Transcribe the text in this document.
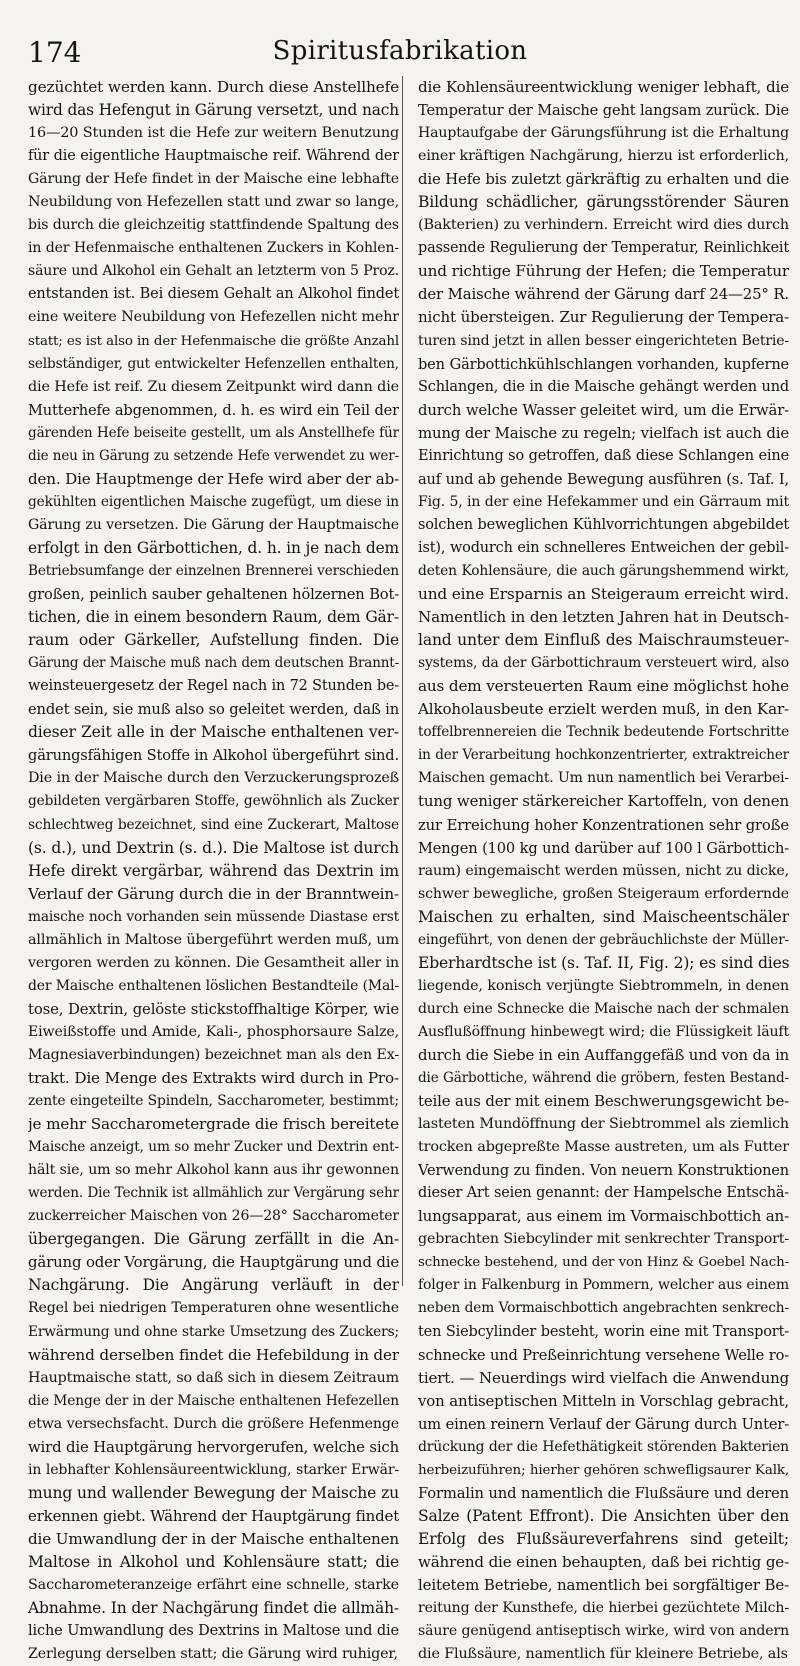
174	Spiritusfabrikation
gezüchtet werden kann. Durch diese Anstellhefe
wird das Hefengut in Gärung versetzt, und nach
16—20 Stunden ist die Hefe zur weitern Benutzung
für die eigentliche Hauptmaische reif. Während der
Gärung der Hefe findet in der Maische eine lebhafte
Neubildung von Hefezellen statt und zwar so lange,
bis durch die gleichzeitig stattfindende Spaltung des
in der Hefenmaische enthaltenen Zuckers in Kohlen-
säure und Alkohol ein Gehalt an letzterm von 5 Proz.
entstanden ist. Bei diesem Gehalt an Alkohol findet
eine weitere Neubildung von Hefezellen nicht mehr
statt; es ist also in der Hefenmaische die größte Anzahl
selbständiger, gut entwickelter Hefenzellen enthalten,
die Hefe ist reif. Zu diesem Zeitpunkt wird dann die
Mutterhefe abgenommen, d. h. es wird ein Teil der
gärenden Hefe beiseite gestellt, um als Anstellhefe für
die neu in Gärung zu setzende Hefe verwendet zu wer-
den. Die Hauptmenge der Hefe wird aber der ab-
gekühlten eigentlichen Maische zugefügt, um diese in
Gärung zu versetzen. Die Gärung der Hauptmaische
erfolgt in den Gärbottichen, d. h. in je nach dem
Betriebsumfange der einzelnen Brennerei verschieden
großen, peinlich sauber gehaltenen hölzernen Bot-
tichen, die in einem besondern Raum, dem Gär-
raum oder Gärkeller, Aufstellung finden. Die
Gärung der Maische muß nach dem deutschen Brannt-
weinsteuergesetz der Regel nach in 72 Stunden be-
endet sein, sie muß also so geleitet werden, daß in
dieser Zeit alle in der Maische enthaltenen ver-
gärungsfähigen Stoffe in Alkohol übergeführt sind.
Die in der Maische durch den Verzuckerungsprozeß
gebildeten vergärbaren Stoffe, gewöhnlich als Zucker
schlechtweg bezeichnet, sind eine Zuckerart, Maltose
(s. d.), und Dextrin (s. d.). Die Maltose ist durch
Hefe direkt vergärbar, während das Dextrin im
Verlauf der Gärung durch die in der Branntwein-
maische noch vorhanden sein müssende Diastase erst
allmählich in Maltose übergeführt werden muß, um
vergoren werden zu können. Die Gesamtheit aller in
der Maische enthaltenen löslichen Bestandteile (Mal-
tose, Dextrin, gelöste stickstoffhaltige Körper, wie
Eiweißstoffe und Amide, Kali-, phosphorsaure Salze,
Magnesiaverbindungen) bezeichnet man als den Ex-
trakt. Die Menge des Extrakts wird durch in Pro-
zente eingeteilte Spindeln, Saccharometer, bestimmt;
je mehr Saccharometergrade die frisch bereitete
Maische anzeigt, um so mehr Zucker und Dextrin ent-
hält sie, um so mehr Alkohol kann aus ihr gewonnen
werden. Die Technik ist allmählich zur Vergärung sehr
zuckerreicher Maischen von 26—28° Saccharometer
übergegangen. Die Gärung zerfällt in die An-
gärung oder Vorgärung, die Hauptgärung und die
Nachgärung. Die Angärung verläuft in der
Regel bei niedrigen Temperaturen ohne wesentliche
Erwärmung und ohne starke Umsetzung des Zuckers;
während derselben findet die Hefebildung in der
Hauptmaische statt, so daß sich in diesem Zeitraum
die Menge der in der Maische enthaltenen Hefezellen
etwa versechsfacht. Durch die größere Hefenmenge
wird die Hauptgärung hervorgerufen, welche sich
in lebhafter Kohlensäureentwicklung, starker Erwär-
mung und wallender Bewegung der Maische zu
erkennen giebt. Während der Hauptgärung findet
die Umwandlung der in der Maische enthaltenen
Maltose in Alkohol und Kohlensäure statt; die
Saccharometeranzeige erfährt eine schnelle, starke
Abnahme. In der Nachgärung findet die allmäh-
liche Umwandlung des Dextrins in Maltose und die
Zerlegung derselben statt; die Gärung wird ruhiger,
die Kohlensäureentwicklung weniger lebhaft, die
Temperatur der Maische geht langsam zurück. Die
Hauptaufgabe der Gärungsführung ist die Erhaltung
einer kräftigen Nachgärung, hierzu ist erforderlich,
die Hefe bis zuletzt gärkräftig zu erhalten und die
Bildung schädlicher, gärungsstörender Säuren
(Bakterien) zu verhindern. Erreicht wird dies durch
passende Regulierung der Temperatur, Reinlichkeit
und richtige Führung der Hefen; die Temperatur
der Maische während der Gärung darf 24—25° R.
nicht übersteigen. Zur Regulierung der Tempera-
turen sind jetzt in allen besser eingerichteten Betrie-
ben Gärbottichkühlschlangen vorhanden, kupferne
Schlangen, die in die Maische gehängt werden und
durch welche Wasser geleitet wird, um die Erwär-
mung der Maische zu regeln; vielfach ist auch die
Einrichtung so getroffen, daß diese Schlangen eine
auf und ab gehende Bewegung ausführen (s. Taf. I,
Fig. 5, in der eine Hefekammer und ein Gärraum mit
solchen beweglichen Kühlvorrichtungen abgebildet
ist), wodurch ein schnelleres Entweichen der gebil-
deten Kohlensäure, die auch gärungshemmend wirkt,
und eine Ersparnis an Steigeraum erreicht wird.
Namentlich in den letzten Jahren hat in Deutsch-
land unter dem Einfluß des Maischraumsteuer-
systems, da der Gärbottichraum versteuert wird, also
aus dem versteuerten Raum eine möglichst hohe
Alkoholausbeute erzielt werden muß, in den Kar-
toffelbrennereien die Technik bedeutende Fortschritte
in der Verarbeitung hochkonzentrierter, extraktreicher
Maischen gemacht. Um nun namentlich bei Verarbei-
tung weniger stärkereicher Kartoffeln, von denen
zur Erreichung hoher Konzentrationen sehr große
Mengen (100 kg und darüber auf 100 l Gärbottich-
raum) eingemaischt werden müssen, nicht zu dicke,
schwer bewegliche, großen Steigeraum erfordernde
Maischen zu erhalten, sind Maischeentschäler
eingeführt, von denen der gebräuchlichste der Müller-
Eberhardtsche ist (s. Taf. II, Fig. 2); es sind dies
liegende, konisch verjüngte Siebtrommeln, in denen
durch eine Schnecke die Maische nach der schmalen
Ausflußöffnung hinbewegt wird; die Flüssigkeit läuft
durch die Siebe in ein Auffanggefäß und von da in
die Gärbottiche, während die gröbern, festen Bestand-
teile aus der mit einem Beschwerungsgewicht be-
lasteten Mundöffnung der Siebtrommel als ziemlich
trocken abgepreßte Masse austreten, um als Futter
Verwendung zu finden. Von neuern Konstruktionen
dieser Art seien genannt: der Hampelsche Entschä-
lungsapparat, aus einem im Vormaischbottich an-
gebrachten Siebcylinder mit senkrechter Transport-
schnecke bestehend, und der von Hinz & Goebel Nach-
folger in Falkenburg in Pommern, welcher aus einem
neben dem Vormaischbottich angebrachten senkrech-
ten Siebcylinder besteht, worin eine mit Transport-
schnecke und Preßeinrichtung versehene Welle ro-
tiert. — Neuerdings wird vielfach die Anwendung
von antiseptischen Mitteln in Vorschlag gebracht,
um einen reinern Verlauf der Gärung durch Unter-
drückung der die Hefethätigkeit störenden Bakterien
herbeizuführen; hierher gehören schwefligsaurer Kalk,
Formalin und namentlich die Flußsäure und deren
Salze (Patent Effront). Die Ansichten über den
Erfolg des Flußsäureverfahrens sind geteilt;
während die einen behaupten, daß bei richtig ge-
leitetem Betriebe, namentlich bei sorgfältiger Be-
reitung der Kunsthefe, die hierbei gezüchtete Milch-
säure genügend antiseptisch wirke, wird von andern
die Flußsäure, namentlich für kleinere Betriebe, als
